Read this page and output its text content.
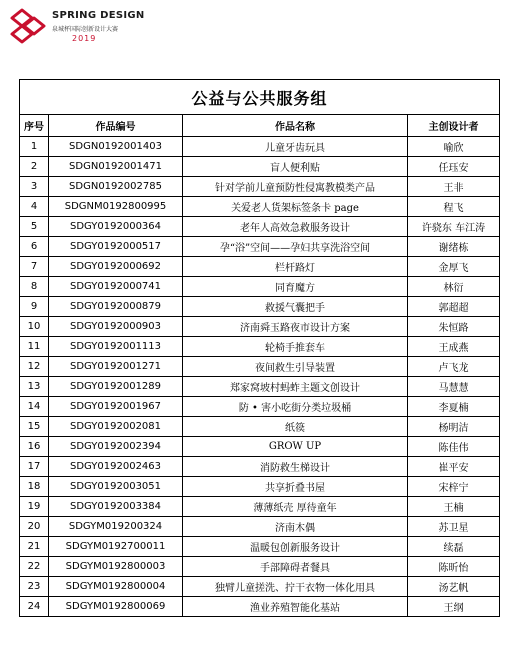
SPRING DESIGN
泉城杯国际创新设计大赛
2019
公益与公共服务组			
序号	作品编号	作品名称	主创设计者
1	SDGN0192001403	儿童牙齿玩具	喻欣
2	SDGN0192001471	盲人便利贴	任珏安
3	SDGN0192002785	针对学前儿童预防性侵寓教模类产品	王非
4	SDGNM0192800995	关爱老人货架标签条卡 page	程飞
5	SDGY0192000364	老年人高效急救服务设计	许骁东 车江涛
6	SDGY0192000517	孕“浴”空间——孕妇共享洗浴空间	谢绪栋
7	SDGY0192000692	栏杆路灯	金厚飞
8	SDGY0192000741	同育魔方	林衍
9	SDGY0192000879	救援气囊把手	郭超超
10	SDGY0192000903	济南舜玉路夜市设计方案	朱恒路
11	SDGY0192001113	轮椅手推套车	王成燕
12	SDGY0192001271	夜间救生引导装置	卢飞龙
13	SDGY0192001289	郑家窝坡村蚂蚱主题文创设计	马慧慧
14	SDGY0192001967	防 • 害小吃街分类垃圾桶	李夏楠
15	SDGY0192002081	纸篌	杨明洁
16	SDGY0192002394	GROW UP	陈佳伟
17	SDGY0192002463	消防救生梯设计	崔平安
18	SDGY0192003051	共享折叠书屋	宋梓宁
19	SDGY0192003384	薄薄纸壳 厚待童年	王楠
20	SDGYM019200324	济南木偶	苏卫星
21	SDGYM0192700011	温暖包创新服务设计	续磊
22	SDGYM0192800003	手部障碍者餐具	陈昕怡
23	SDGYM0192800004	独臂儿童搓洗、拧干衣物一体化用具	汤艺帆
24	SDGYM0192800069	渔业养殖智能化基站	王纲
